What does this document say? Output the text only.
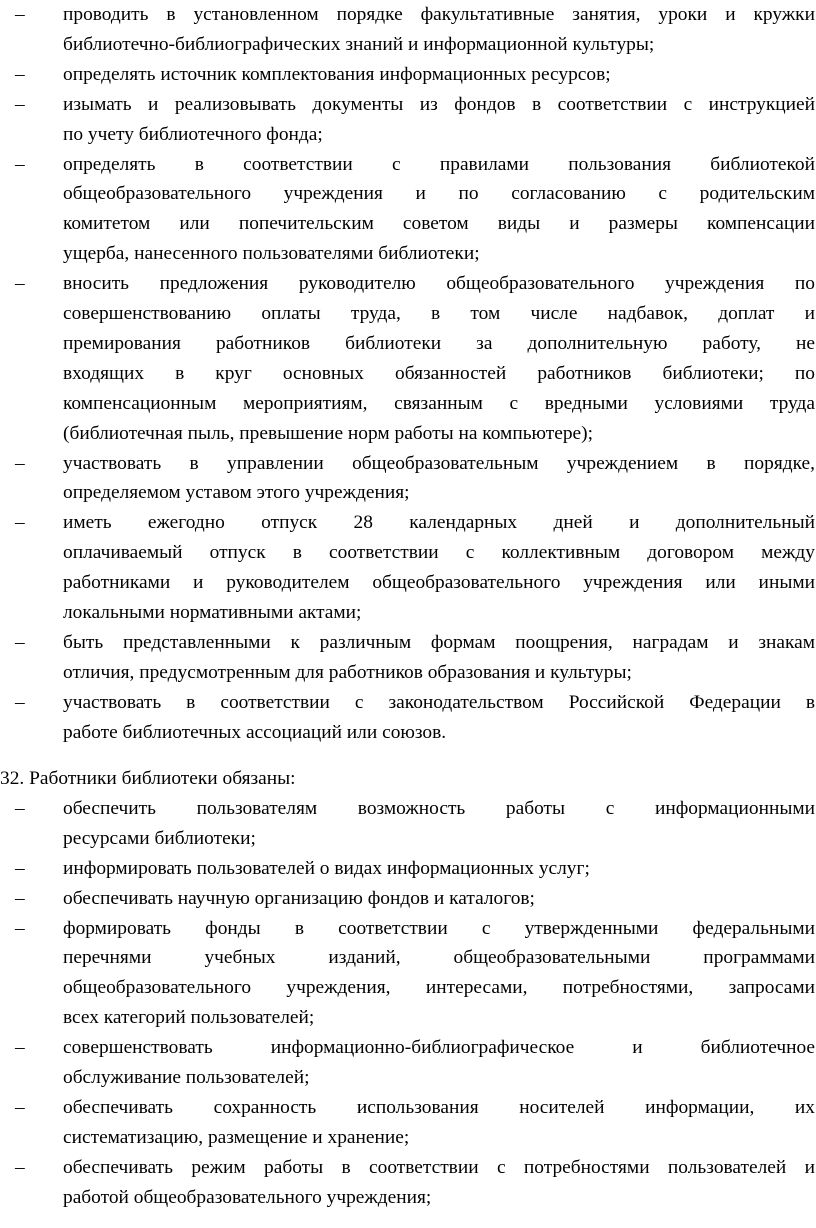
–	проводить в установленном порядке факультативные занятия, уроки и кружки
библиотечно-библиографических знаний и информационной культуры;
–	определять источник комплектования информационных ресурсов;
–	изымать и реализовывать документы из фондов в соответствии с инструкцией
по учету библиотечного фонда;
–	определять в соответствии с правилами пользования библиотекой
общеобразовательного учреждения и по согласованию с родительским
комитетом или попечительским советом виды и размеры компенсации
ущерба, нанесенного пользователями библиотеки;
–	вносить предложения руководителю общеобразовательного учреждения по
совершенствованию оплаты труда, в том числе надбавок, доплат и
премирования работников библиотеки за дополнительную работу, не
входящих в круг основных обязанностей работников библиотеки; по
компенсационным мероприятиям, связанным с вредными условиями труда
(библиотечная пыль, превышение норм работы на компьютере);
–	участвовать в управлении общеобразовательным учреждением в порядке,
определяемом уставом этого учреждения;
–	иметь ежегодно отпуск 28 календарных дней и дополнительный
оплачиваемый отпуск в соответствии с коллективным договором между
работниками и руководителем общеобразовательного учреждения или иными
локальными нормативными актами;
–	быть представленными к различным формам поощрения, наградам и знакам
отличия, предусмотренным для работников образования и культуры;
–	участвовать в соответствии с законодательством Российской Федерации в
работе библиотечных ассоциаций или союзов.
32. Работники библиотеки обязаны:
–	обеспечить пользователям возможность работы с информационными
ресурсами библиотеки;
–	информировать пользователей о видах информационных услуг;
–	обеспечивать научную организацию фондов и каталогов;
–	формировать фонды в соответствии с утвержденными федеральными
перечнями учебных изданий, общеобразовательными программами
общеобразовательного учреждения, интересами, потребностями, запросами
всех категорий пользователей;
–	совершенствовать информационно-библиографическое и библиотечное
обслуживание пользователей;
–	обеспечивать сохранность использования носителей информации, их
систематизацию, размещение и хранение;
–	обеспечивать режим работы в соответствии с потребностями пользователей и
работой общеобразовательного учреждения;
